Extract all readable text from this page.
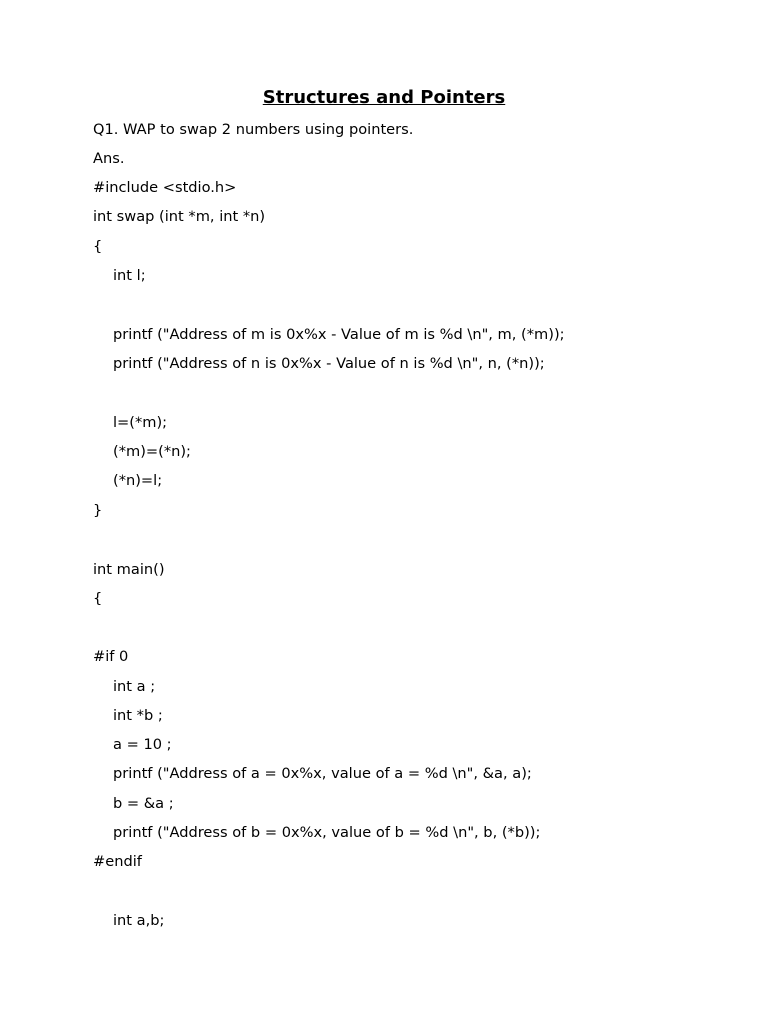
Structures and Pointers
Q1. WAP to swap 2 numbers using pointers.
Ans.
#include <stdio.h>
int swap (int *m, int *n)
{
int l;
printf ("Address of m is 0x%x - Value of m is %d \n", m, (*m));
printf ("Address of n is 0x%x - Value of n is %d \n", n, (*n));
l=(*m);
(*m)=(*n);
(*n)=l;
}
int main()
{
#if 0
int a ;
int *b ;
a = 10 ;
printf ("Address of a = 0x%x, value of a = %d \n", &a, a);
b = &a ;
printf ("Address of b = 0x%x, value of b = %d \n", b, (*b));
#endif
int a,b;
